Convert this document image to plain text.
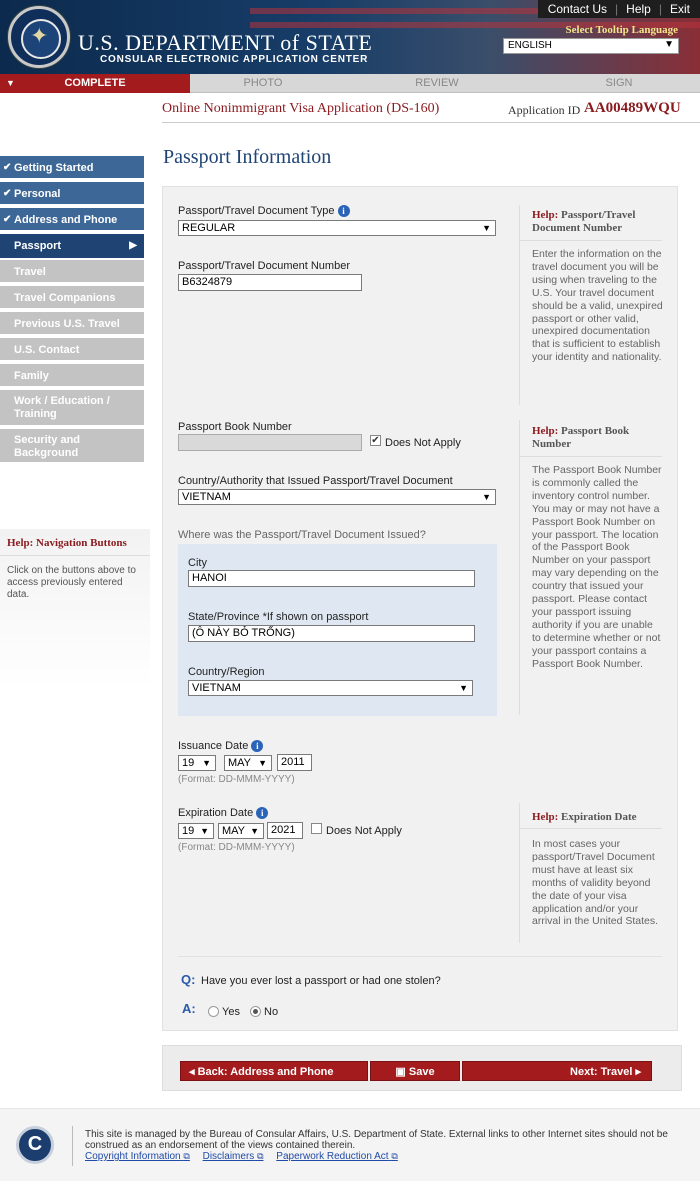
✦
U.S. DEPARTMENT of STATE
CONSULAR ELECTRONIC APPLICATION CENTER
Contact Us | Help | Exit
Select Tooltip Language
ENGLISH	▼
▼	COMPLETE	PHOTO	REVIEW	SIGN
Online Nonimmigrant Visa Application (DS-160)	Application ID AA00489WQU
✔ Getting Started
✔ Personal
✔ Address and Phone
Passport	▶
Travel
Travel Companions
Previous U.S. Travel
U.S. Contact
Family
Work / Education / Training
Security and Background
Help: Navigation Buttons
Click on the buttons above to access previously entered data.
Passport Information
Passport/Travel Document Type i
REGULAR	▼
Passport/Travel Document Number
B6324879
Help: Passport/Travel Document Number
Enter the information on the travel document you will be using when traveling to the U.S. Your travel document should be a valid, unexpired passport or other valid, unexpired documentation that is sufficient to establish your identity and nationality.
Passport Book Number
✔ Does Not Apply
Help: Passport Book Number
The Passport Book Number is commonly called the inventory control number. You may or may not have a Passport Book Number on your passport. The location of the Passport Book Number on your passport may vary depending on the country that issued your passport. Please contact your passport issuing authority if you are unable to determine whether or not your passport contains a Passport Book Number.
Country/Authority that Issued Passport/Travel Document
VIETNAM	▼
Where was the Passport/Travel Document Issued?
City
HANOI
State/Province *If shown on passport
(Ô NÀY BỎ TRỐNG)
Country/Region
VIETNAM	▼
Issuance Date i
19 ▼	MAY ▼	2011
(Format: DD-MMM-YYYY)
Expiration Date i
19 ▼	MAY ▼	2021	Does Not Apply
(Format: DD-MMM-YYYY)
Help: Expiration Date
In most cases your passport/Travel Document must have at least six months of validity beyond the date of your visa application and/or your arrival in the United States.
Q: Have you ever lost a passport or had one stolen?
A: Yes No
◂ Back: Address and Phone	▣ Save	Next: Travel ▸
C	This site is managed by the Bureau of Consular Affairs, U.S. Department of State. External links to other Internet sites should not be construed as an endorsement of the views contained therein.
Copyright Information ⧉ Disclaimers ⧉ Paperwork Reduction Act ⧉
